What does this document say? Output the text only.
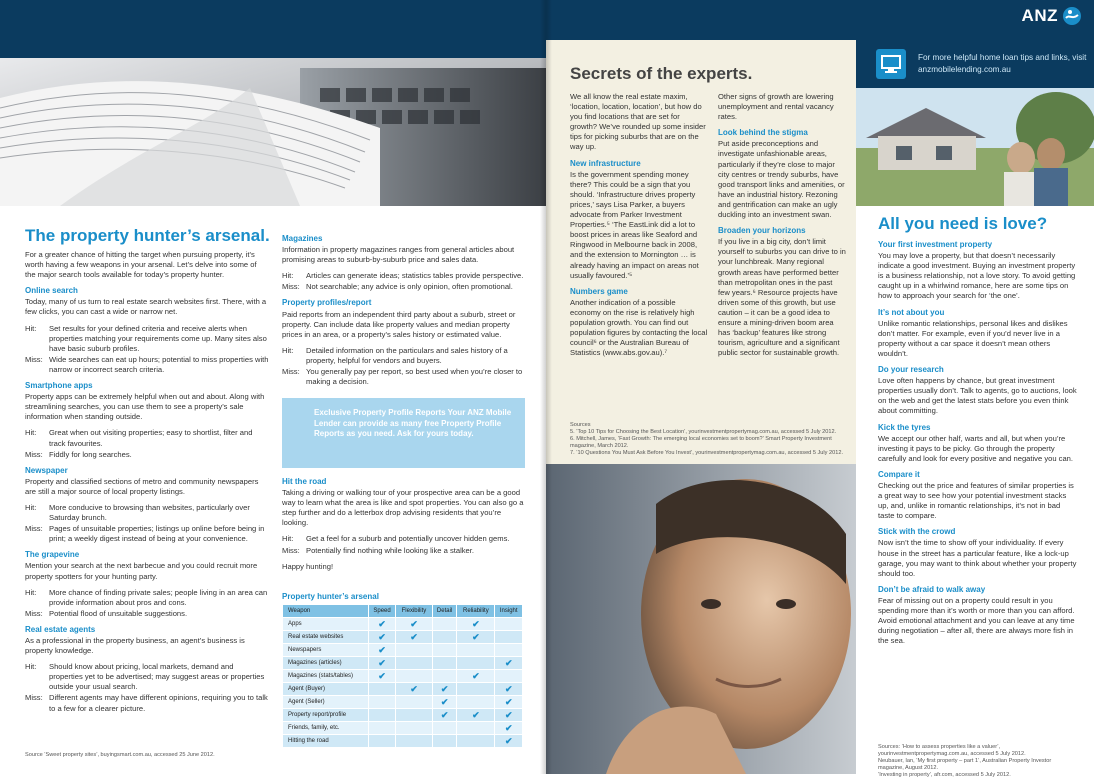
The property hunter’s arsenal.

For a greater chance of hitting the target when pursuing property, it’s worth having a few weapons in your arsenal. Let’s delve into some of the major search tools available for today’s property hunter.

Online search

Today, many of us turn to real estate search websites first. There, with a few clicks, you can cast a wide or narrow net.

Hit:	Set results for your defined criteria and receive alerts when properties matching your requirements come up. Many sites also have basic suburb profiles.
Miss: Wide searches can eat up hours; potential to miss properties with narrow or incorrect search criteria.
Smartphone apps

Property apps can be extremely helpful when out and about. Along with streamlining searches, you can use them to see a property’s sale information when standing outside.

Hit:	Great when out visiting properties; easy to shortlist, filter and track favourites.
Miss: Fiddly for long searches.
Newspaper

Property and classified sections of metro and community newspapers are still a major source of local property listings.

Hit:	More conducive to browsing than websites, particularly over Saturday brunch.
Miss: Pages of unsuitable properties; listings up online before being in print; a weekly digest instead of being at your convenience.
The grapevine

Mention your search at the next barbecue and you could recruit more property spotters for your hunting party.

Hit:	More chance of finding private sales; people living in an area can provide information about pros and cons.
Miss: Potential flood of unsuitable suggestions.
Real estate agents

As a professional in the property business, an agent’s business is property knowledge.

Hit:	Should know about pricing, local markets, demand and properties yet to be advertised; may suggest areas or properties outside your usual search.
Miss: Different agents may have different opinions, requiring you to talk to a few for a clearer picture.
Source ‘Sweet property sites’, buyingsmart.com.au, accessed 25 June 2012.
Magazines

Information in property magazines ranges from general articles about promising areas to suburb-by-suburb price and sales data.

Hit:	Articles can generate ideas; statistics tables provide perspective.
Miss: Not searchable; any advice is only opinion, often promotional.
Property profiles/report

Paid reports from an independent third party about a suburb, street or property. Can include data like property values and median property prices in an area, or a property’s sales history or estimated value.

Hit:	Detailed information on the particulars and sales history of a property, helpful for vendors and buyers.
Miss: You generally pay per report, so best used when you’re closer to making a decision.
Exclusive Property Profile Reports Your ANZ Mobile Lender can provide as many free Property Profile Reports as you need. Ask for yours today.
Hit the road

Taking a driving or walking tour of your prospective area can be a good way to learn what the area is like and spot properties. You can also go a step further and do a letterbox drop advising residents that you’re looking.

Hit:	Get a feel for a suburb and potentially uncover hidden gems.
Miss: Potentially find nothing while looking like a stalker.

Happy hunting!

Property hunter’s arsenal
Weapon	Speed	Flexibility	Detail	Reliability	Insight
Apps	✔	✔		✔	
Real estate websites	✔	✔		✔	
Newspapers	✔				
Magazines (articles)	✔				✔
Magazines (stats/tables)	✔			✔	
Agent (Buyer)		✔	✔		✔
Agent (Seller)			✔		✔
Property report/profile			✔	✔	✔
Friends, family, etc.					✔
Hitting the road					✔
ANZ
For more helpful home loan tips and links, visit anzmobilelending.com.au
Secrets of the experts.

We all know the real estate maxim, ‘location, location, location’, but how do you find locations that are set for growth? We’ve rounded up some insider tips for picking suburbs that are on the way up.

New infrastructure

Is the government spending money there? This could be a sign that you should. ‘Infrastructure drives property prices,’ says Lisa Parker, a buyers advocate from Parker Investment Properties.⁵ ‘The EastLink did a lot to boost prices in areas like Seaford and Ringwood in Melbourne back in 2008, and the extension to Mornington … is already having an impact on areas not usually favoured.’⁵

Numbers game

Another indication of a possible economy on the rise is relatively high population growth. You can find out population figures by contacting the local council⁶ or the Australian Bureau of Statistics (www.abs.gov.au).⁷

Other signs of growth are lowering unemployment and rental vacancy rates.

Look behind the stigma

Put aside preconceptions and investigate unfashionable areas, particularly if they’re close to major city centres or trendy suburbs, have good transport links and amenities, or have an industrial history. Rezoning and gentrification can make an ugly duckling into an investment swan.

Broaden your horizons

If you live in a big city, don’t limit yourself to suburbs you can drive to in your lunchbreak. Many regional growth areas have performed better than metropolitan ones in the past few years.⁶ Resource projects have driven some of this growth, but use caution – it can be a good idea to ensure a mining-driven boom area has ‘backup’ features like strong tourism, agriculture and a significant public sector for sustainable growth.

Sources
5. ‘Top 10 Tips for Choosing the Best Location’, yourinvestmentpropertymag.com.au, accessed 5 July 2012.
6. Mitchell, James, ‘Fast Growth: The emerging local economies set to boom?’ Smart Property Investment magazine, March 2012.
7. ‘10 Questions You Must Ask Before You Invest’, yourinvestmentpropertymag.com.au, accessed 5 July 2012.
All you need is love?
Your first investment property

You may love a property, but that doesn’t necessarily indicate a good investment. Buying an investment property is a business relationship, not a love story. To avoid getting caught up in a whirlwind romance, here are some tips on how to approach your search for ‘the one’.

It’s not about you

Unlike romantic relationships, personal likes and dislikes don’t matter. For example, even if you’d never live in a property without a car space it doesn’t mean others wouldn’t.

Do your research

Love often happens by chance, but great investment properties usually don’t. Talk to agents, go to auctions, look on the web and get the latest stats before you even think about committing.

Kick the tyres

We accept our other half, warts and all, but when you’re investing it pays to be picky. Go through the property carefully and look for every positive and negative you can.

Compare it

Checking out the price and features of similar properties is a great way to see how your potential investment stacks up, and, unlike in romantic relationships, it’s not in bad taste to compare.

Stick with the crowd

Now isn’t the time to show off your individuality. If every house in the street has a particular feature, like a lock-up garage, you may want to think about whether your property should too.

Don’t be afraid to walk away

Fear of missing out on a property could result in you spending more than it’s worth or more than you can afford. Avoid emotional attachment and you can leave at any time during negotiation – after all, there are always more fish in the sea.

Sources: ‘How to assess properties like a valuer’, yourinvestmentpropertymag.com.au, accessed 5 July 2012.
Neubauer, Ian, ‘My first property – part 1’, Australian Property Investor magazine, August 2012.
‘Investing in property’, afr.com, accessed 5 July 2012.
